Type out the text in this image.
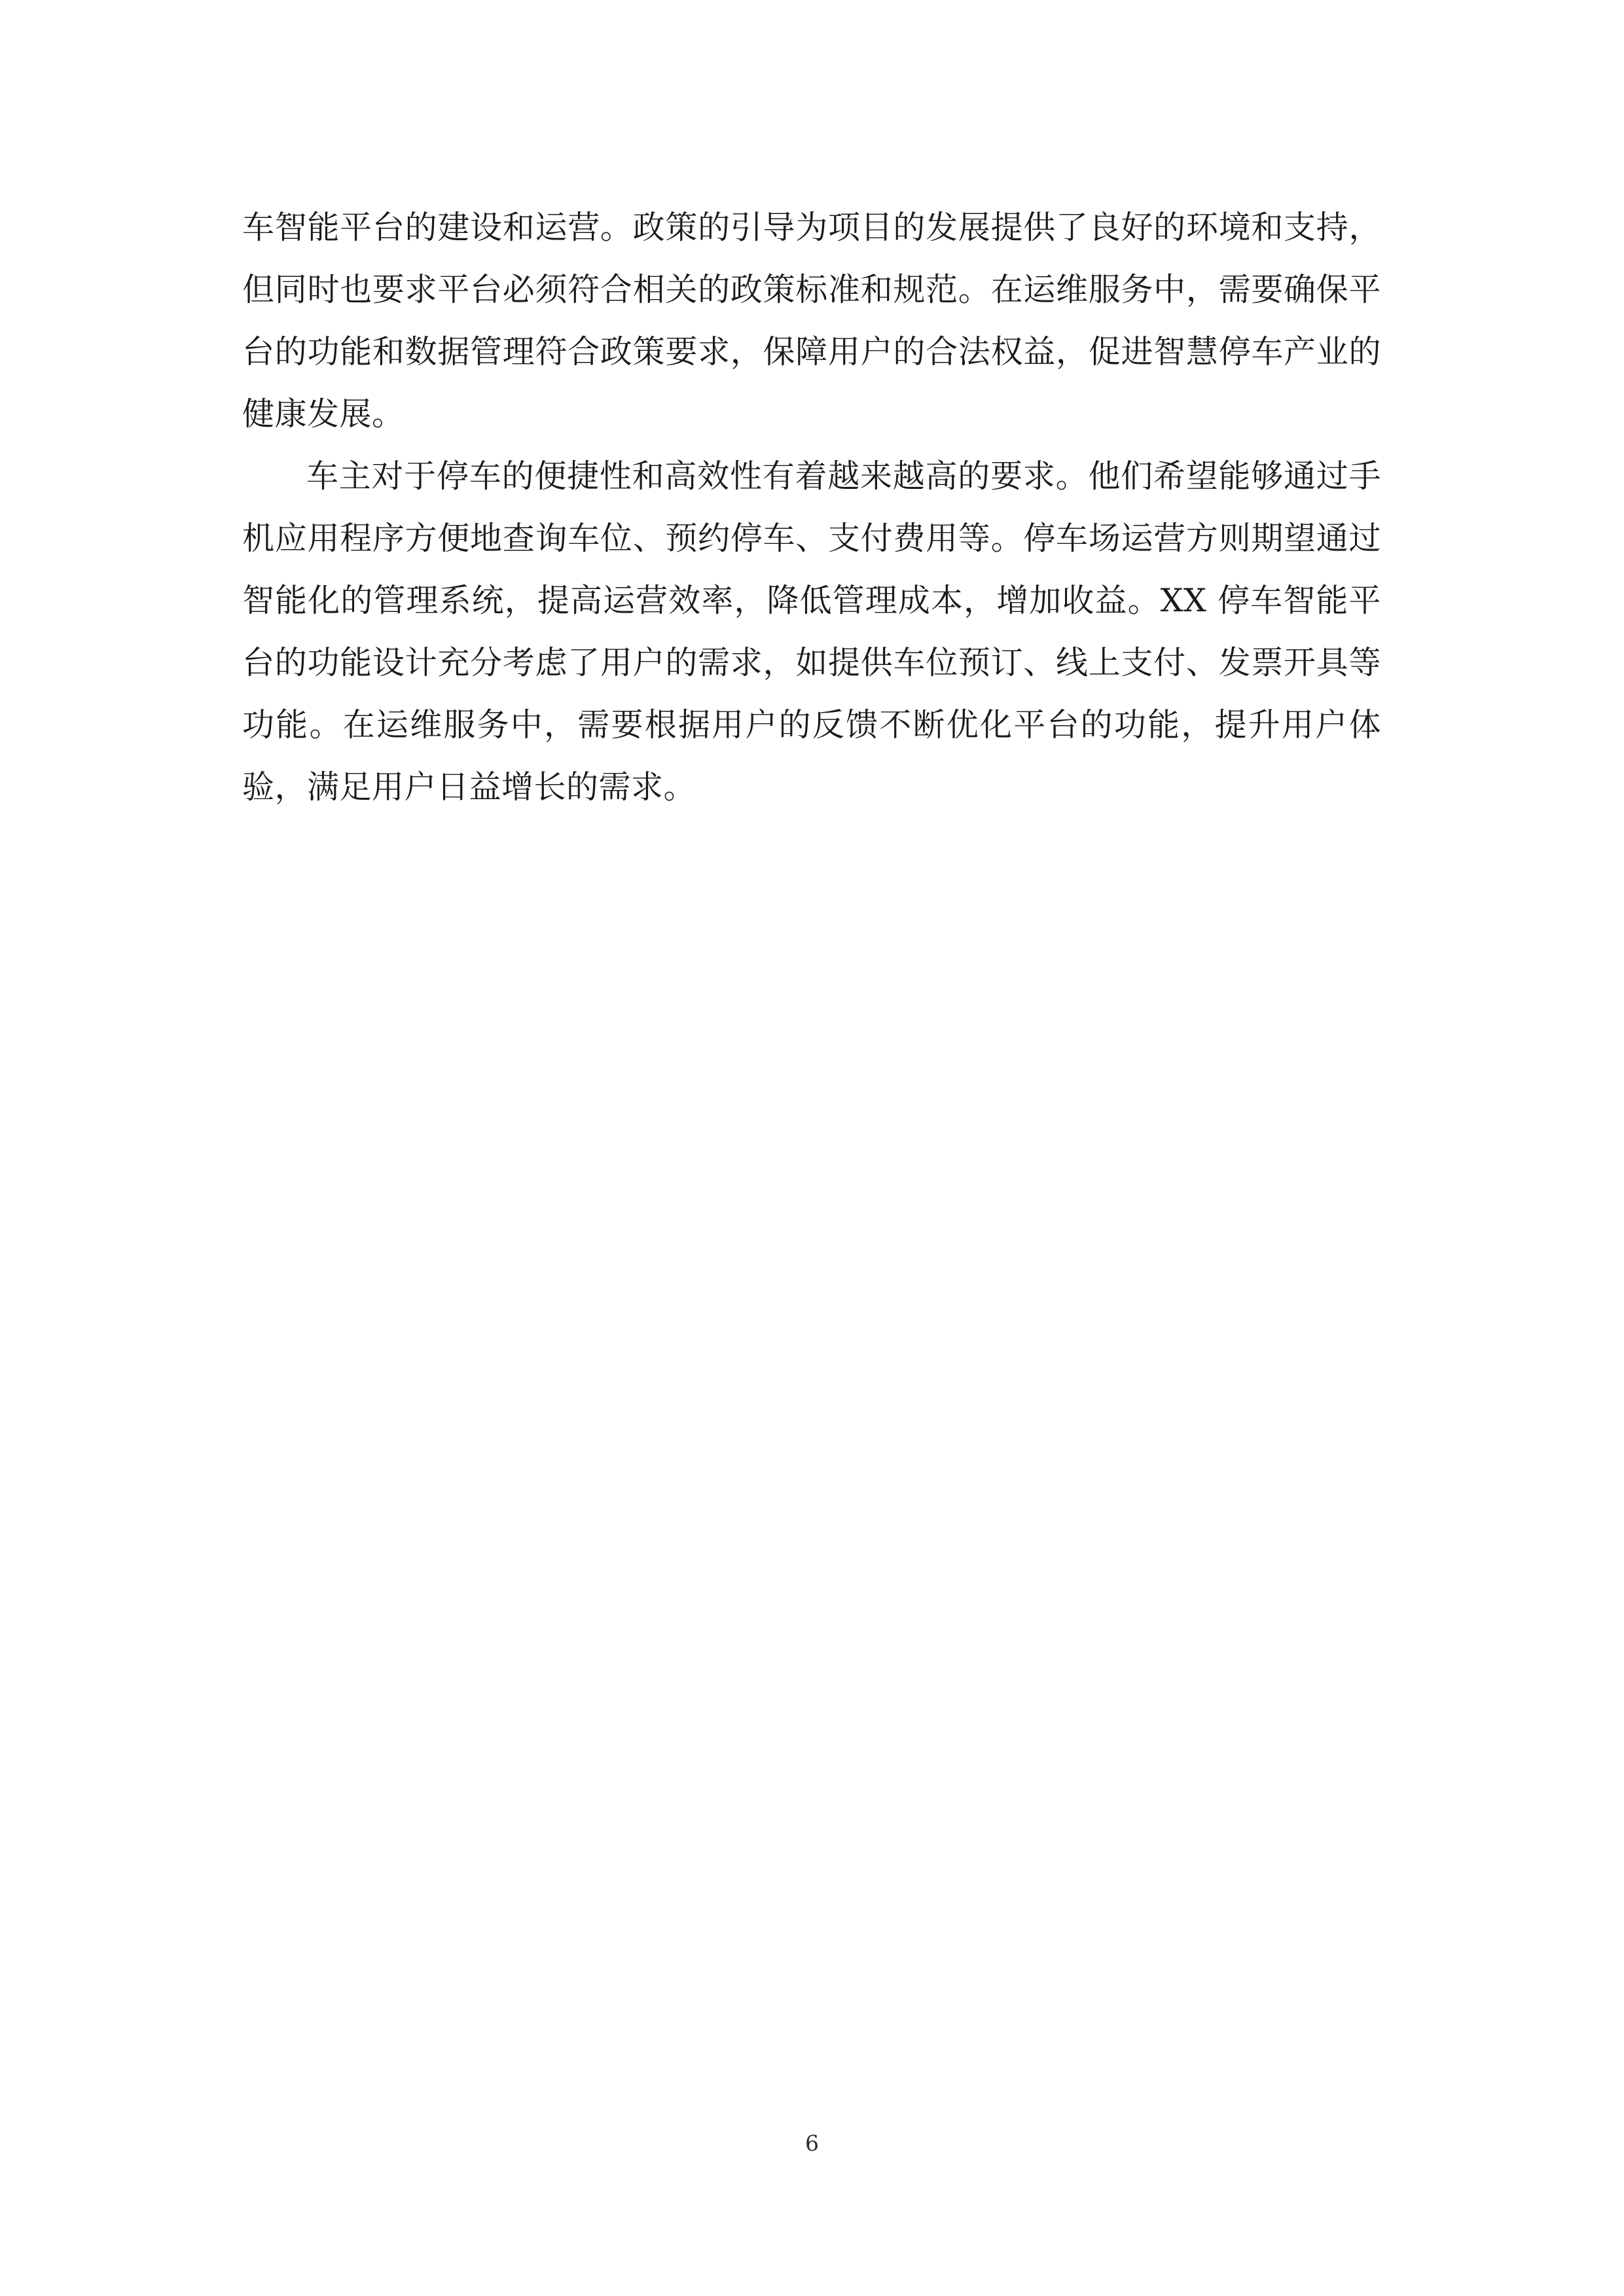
车智能平台的建设和运营。政策的引导为项目的发展提供了良好的环境和支持，但同时也要求平台必须符合相关的政策标准和规范。在运维服务中，需要确保平台的功能和数据管理符合政策要求，保障用户的合法权益，促进智慧停车产业的健康发展。

车主对于停车的便捷性和高效性有着越来越高的要求。他们希望能够通过手机应用程序方便地查询车位、预约停车、支付费用等。停车场运营方则期望通过智能化的管理系统，提高运营效率，降低管理成本，增加收益。XX 停车智能平台的功能设计充分考虑了用户的需求，如提供车位预订、线上支付、发票开具等功能。在运维服务中，需要根据用户的反馈不断优化平台的功能，提升用户体验，满足用户日益增长的需求。

6
